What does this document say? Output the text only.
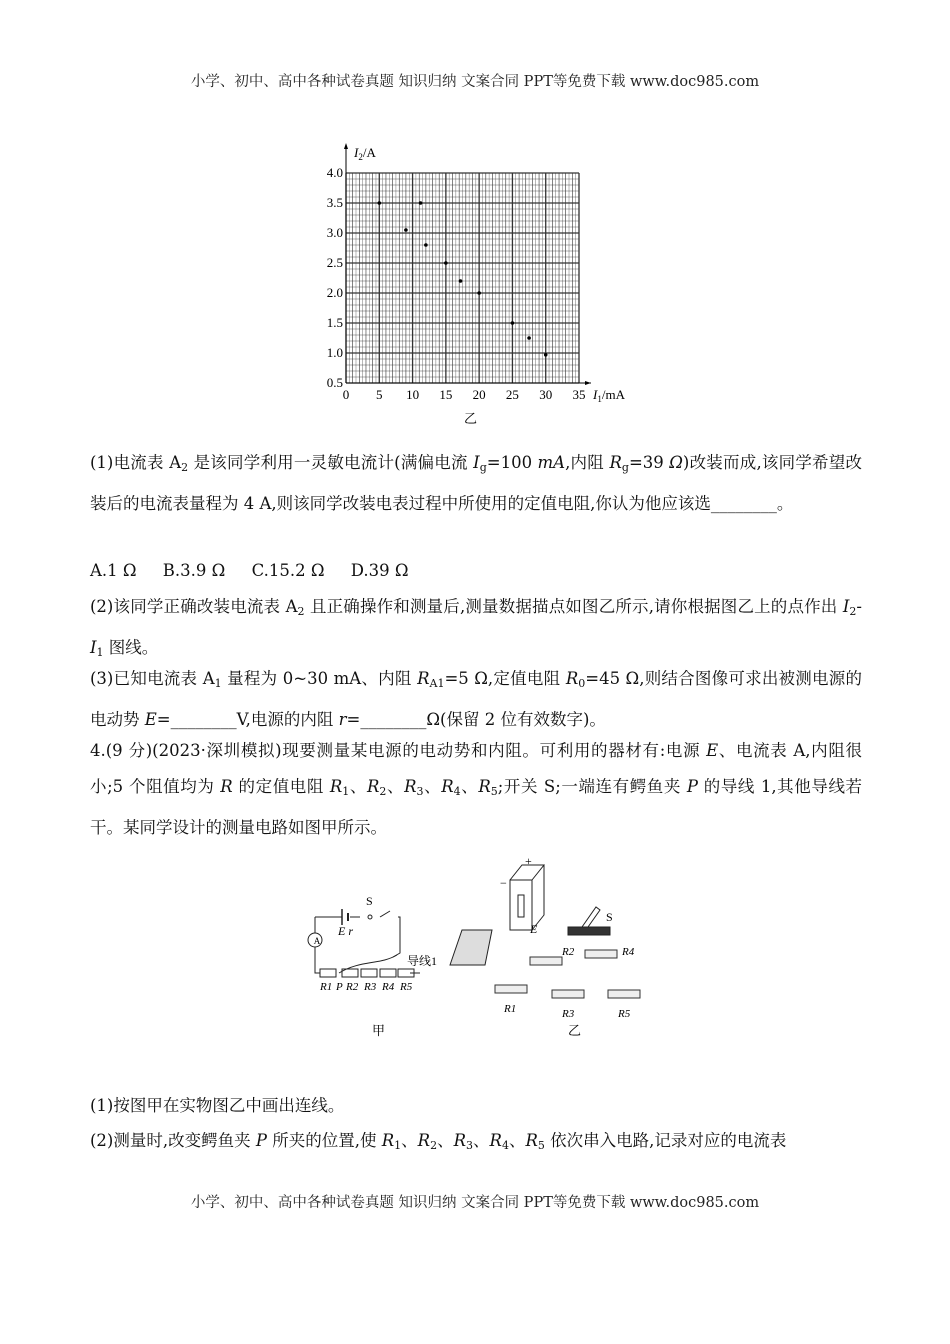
小学、初中、高中各种试卷真题 知识归纳 文案合同 PPT等免费下载 www.doc985.com
0 5 10 15 20 25 30 35
0.5
1.0
1.5
2.0
2.5
3.0
3.5
4.0
$I_2/A$
$I_1/mA$
乙
(1)电流表 $A_2$ 是该同学利用一灵敏电流计(满偏电流 $I_g=100$ mA,内阻 $R_g=39$ Ω)改装而成,该同学希望改装后的电流表量程为 4 A,则该同学改装电表过程中所使用的定值电阻,你认为他应该选________。
A.1 Ω     B.3.9 Ω     C.15.2 Ω     D.39 Ω
(2)该同学正确改装电流表 $A_2$ 且正确操作和测量后,测量数据描点如图乙所示,请你根据图乙上的点作出 $I_2-I_1$ 图线。
(3)已知电流表 $A_1$ 量程为 0~30 mA、内阻 $R_{A1}=5$ Ω,定值电阻 $R_0=45$ Ω,则结合图像可求出被测电源的电动势 E=________V,电源的内阻 r=________Ω(保留 2 位有效数字)。
4.(9 分)(2023·深圳模拟)现要测量某电源的电动势和内阻。可利用的器材有:电源 E、电流表 A,内阻很小;5 个阻值均为 R 的定值电阻 $R_1$、$R_2$、$R_3$、$R_4$、$R_5$;开关 S;一端连有鳄鱼夹 P 的导线 1,其他导线若干。某同学设计的测量电路如图甲所示。
A
S
E r
导线1
R1 P R2 R3 R4 R5
+
−
E
S
R2	R4
R1	R3	R5
甲	乙
(1)按图甲在实物图乙中画出连线。
(2)测量时,改变鳄鱼夹 P 所夹的位置,使 $R_1$、$R_2$、$R_3$、$R_4$、$R_5$ 依次串入电路,记录对应的电流表
小学、初中、高中各种试卷真题 知识归纳 文案合同 PPT等免费下载 www.doc985.com
